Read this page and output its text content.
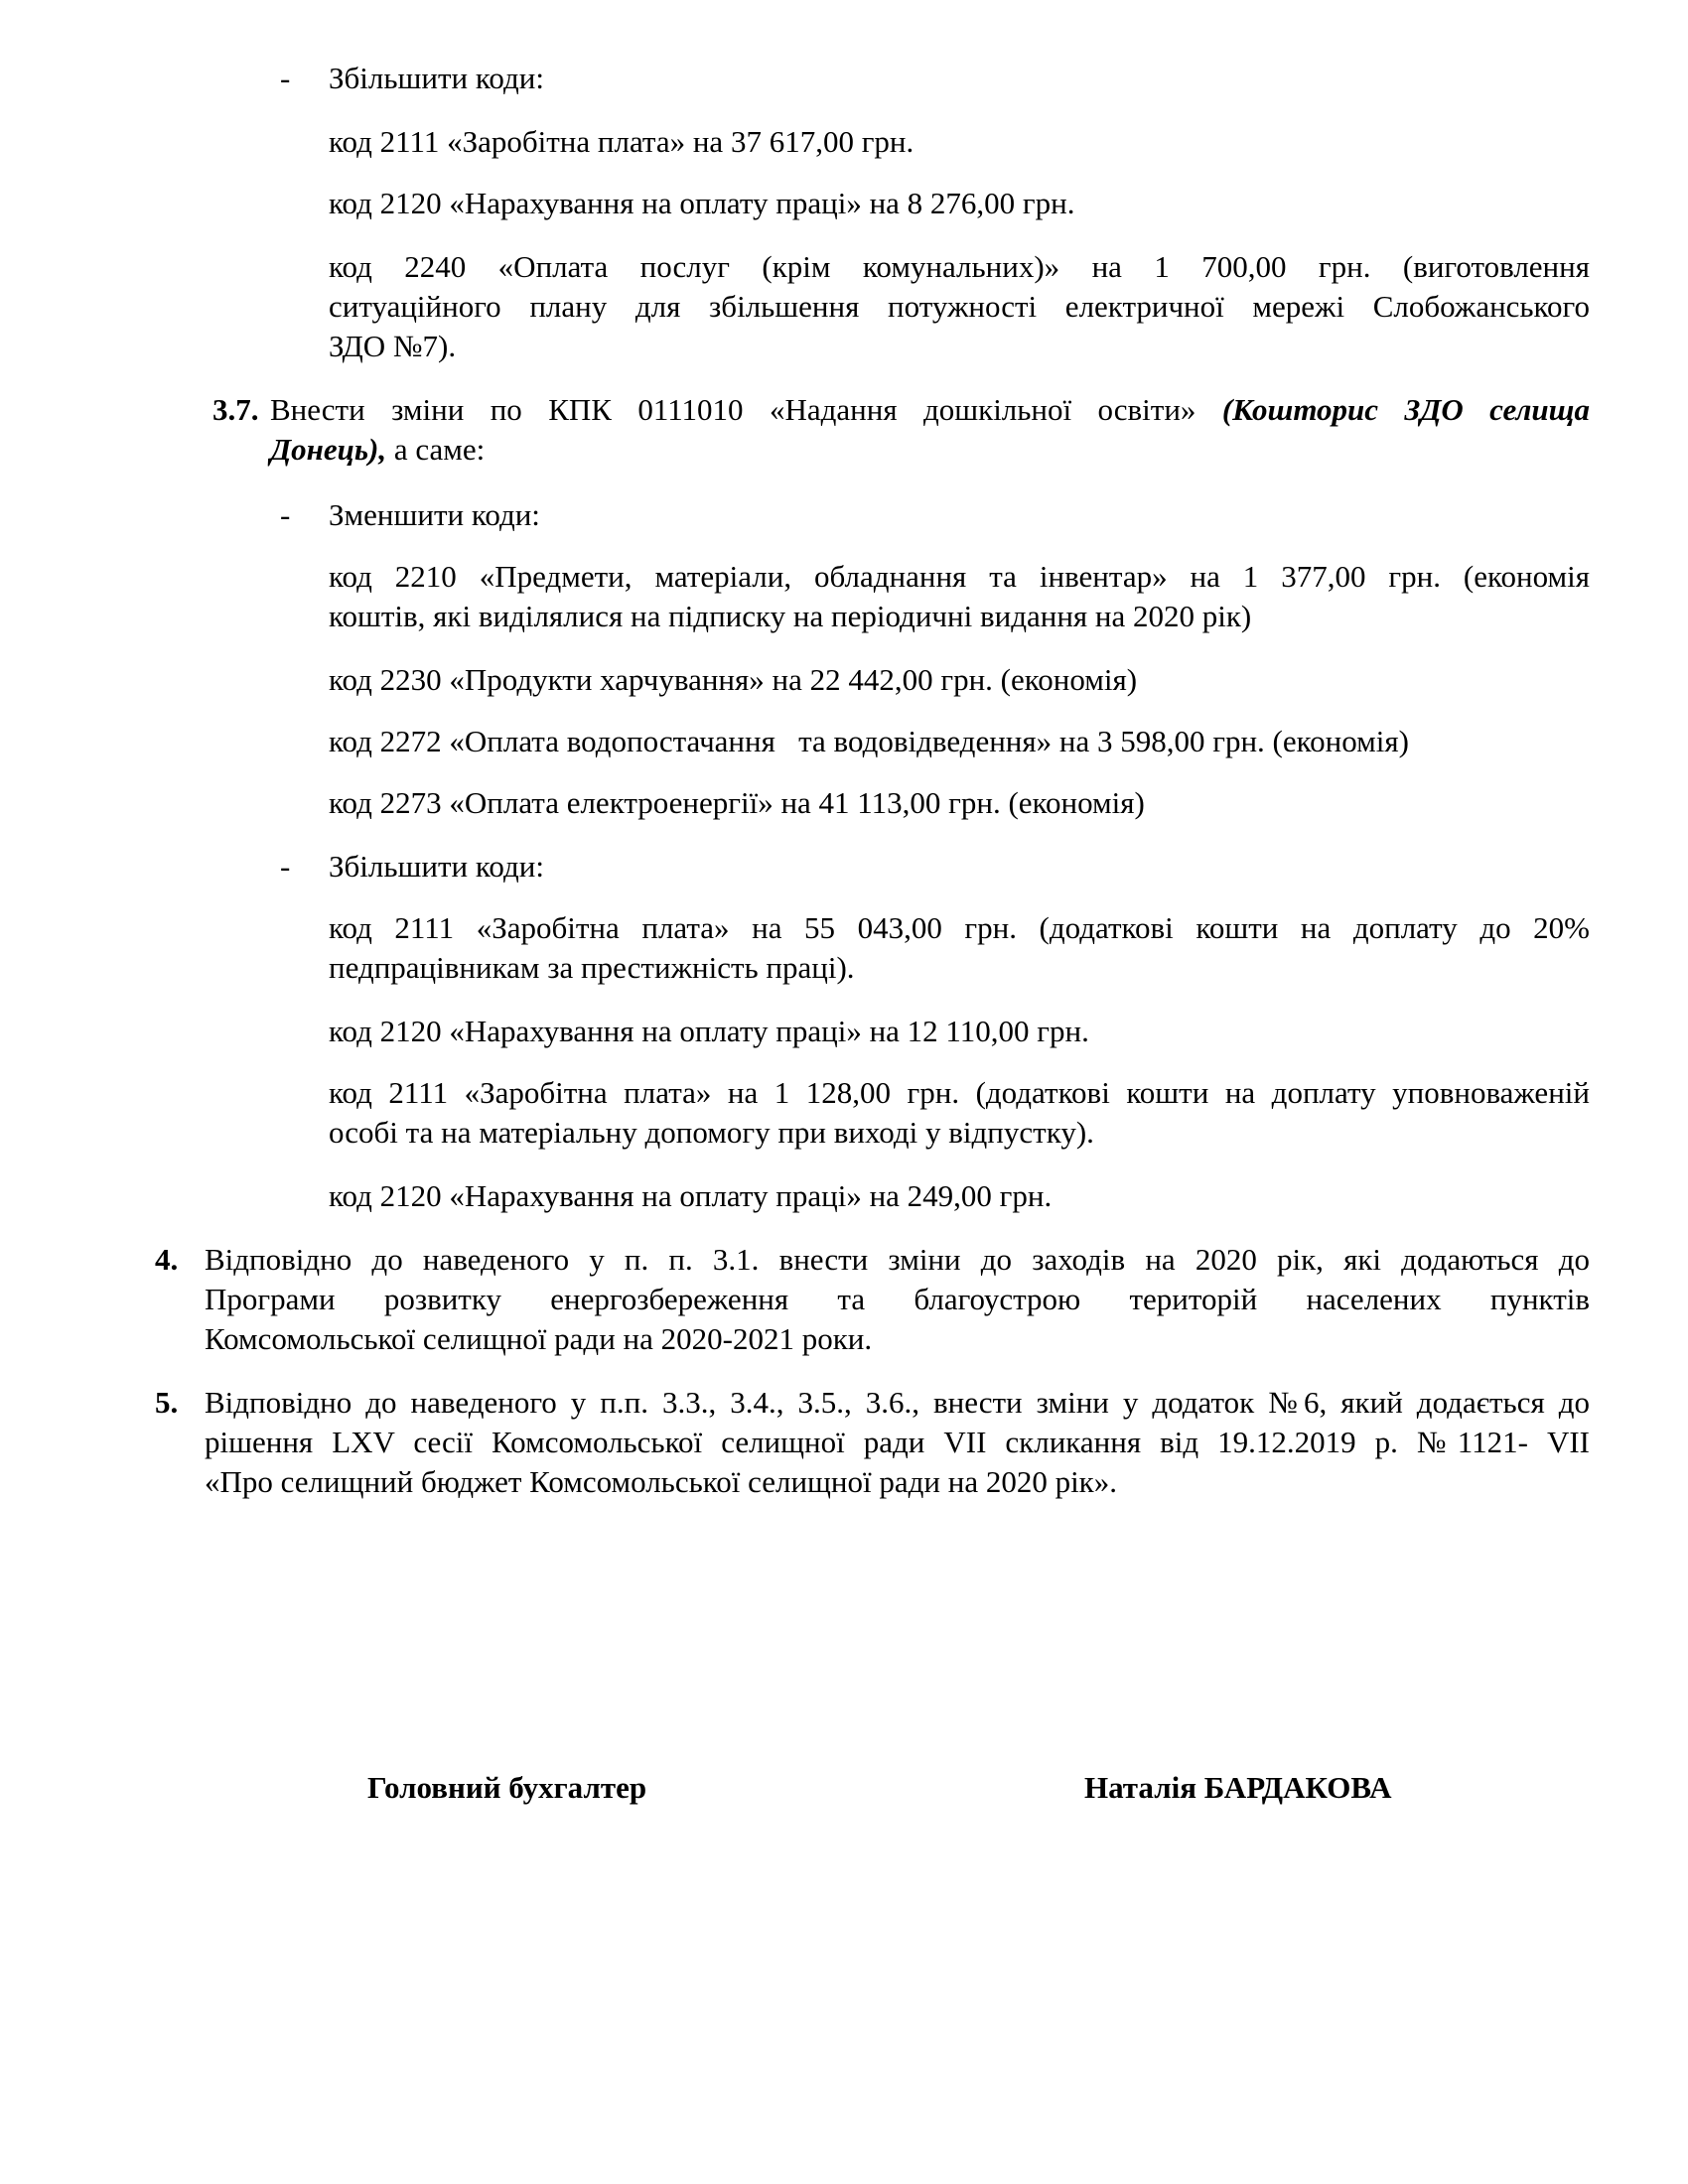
- Збільшити коди:
код 2111 «Заробітна плата» на 37 617,00 грн.
код 2120 «Нарахування на оплату праці» на 8 276,00 грн.
код 2240 «Оплата послуг (крім комунальних)» на 1 700,00 грн. (виготовлення
ситуаційного плану для збільшення потужності електричної мережі Слобожанського
ЗДО №7).
3.7. Внести зміни по КПК 0111010 «Надання дошкільної освіти» (Кошторис ЗДО селища
Донець), а саме:
- Зменшити коди:
код 2210 «Предмети, матеріали, обладнання та інвентар» на 1 377,00 грн. (економія
коштів, які виділялися на підписку на періодичні видання на 2020 рік)
код 2230 «Продукти харчування» на 22 442,00 грн. (економія)
код 2272 «Оплата водопостачання   та водовідведення» на 3 598,00 грн. (економія)
код 2273 «Оплата електроенергії» на 41 113,00 грн. (економія)
- Збільшити коди:
код 2111 «Заробітна плата» на 55 043,00 грн. (додаткові кошти на доплату до 20%
педпрацівникам за престижність праці).
код 2120 «Нарахування на оплату праці» на 12 110,00 грн.
код 2111 «Заробітна плата» на 1 128,00 грн. (додаткові кошти на доплату уповноваженій
особі та на матеріальну допомогу при виході у відпустку).
код 2120 «Нарахування на оплату праці» на 249,00 грн.
4. Відповідно до наведеного у п. п. 3.1. внести зміни до заходів на 2020 рік, які додаються до
Програми розвитку енергозбереження та благоустрою територій населених пунктів
Комсомольської селищної ради на 2020-2021 роки.
5. Відповідно до наведеного у п.п. 3.3., 3.4., 3.5., 3.6., внести зміни у додаток №6, який додається до
рішення LXV сесії Комсомольської селищної ради VII скликання від 19.12.2019 р. №1121- VII
«Про селищний бюджет Комсомольської селищної ради на 2020 рік».
Головний бухгалтер	Наталія БАРДАКОВА
